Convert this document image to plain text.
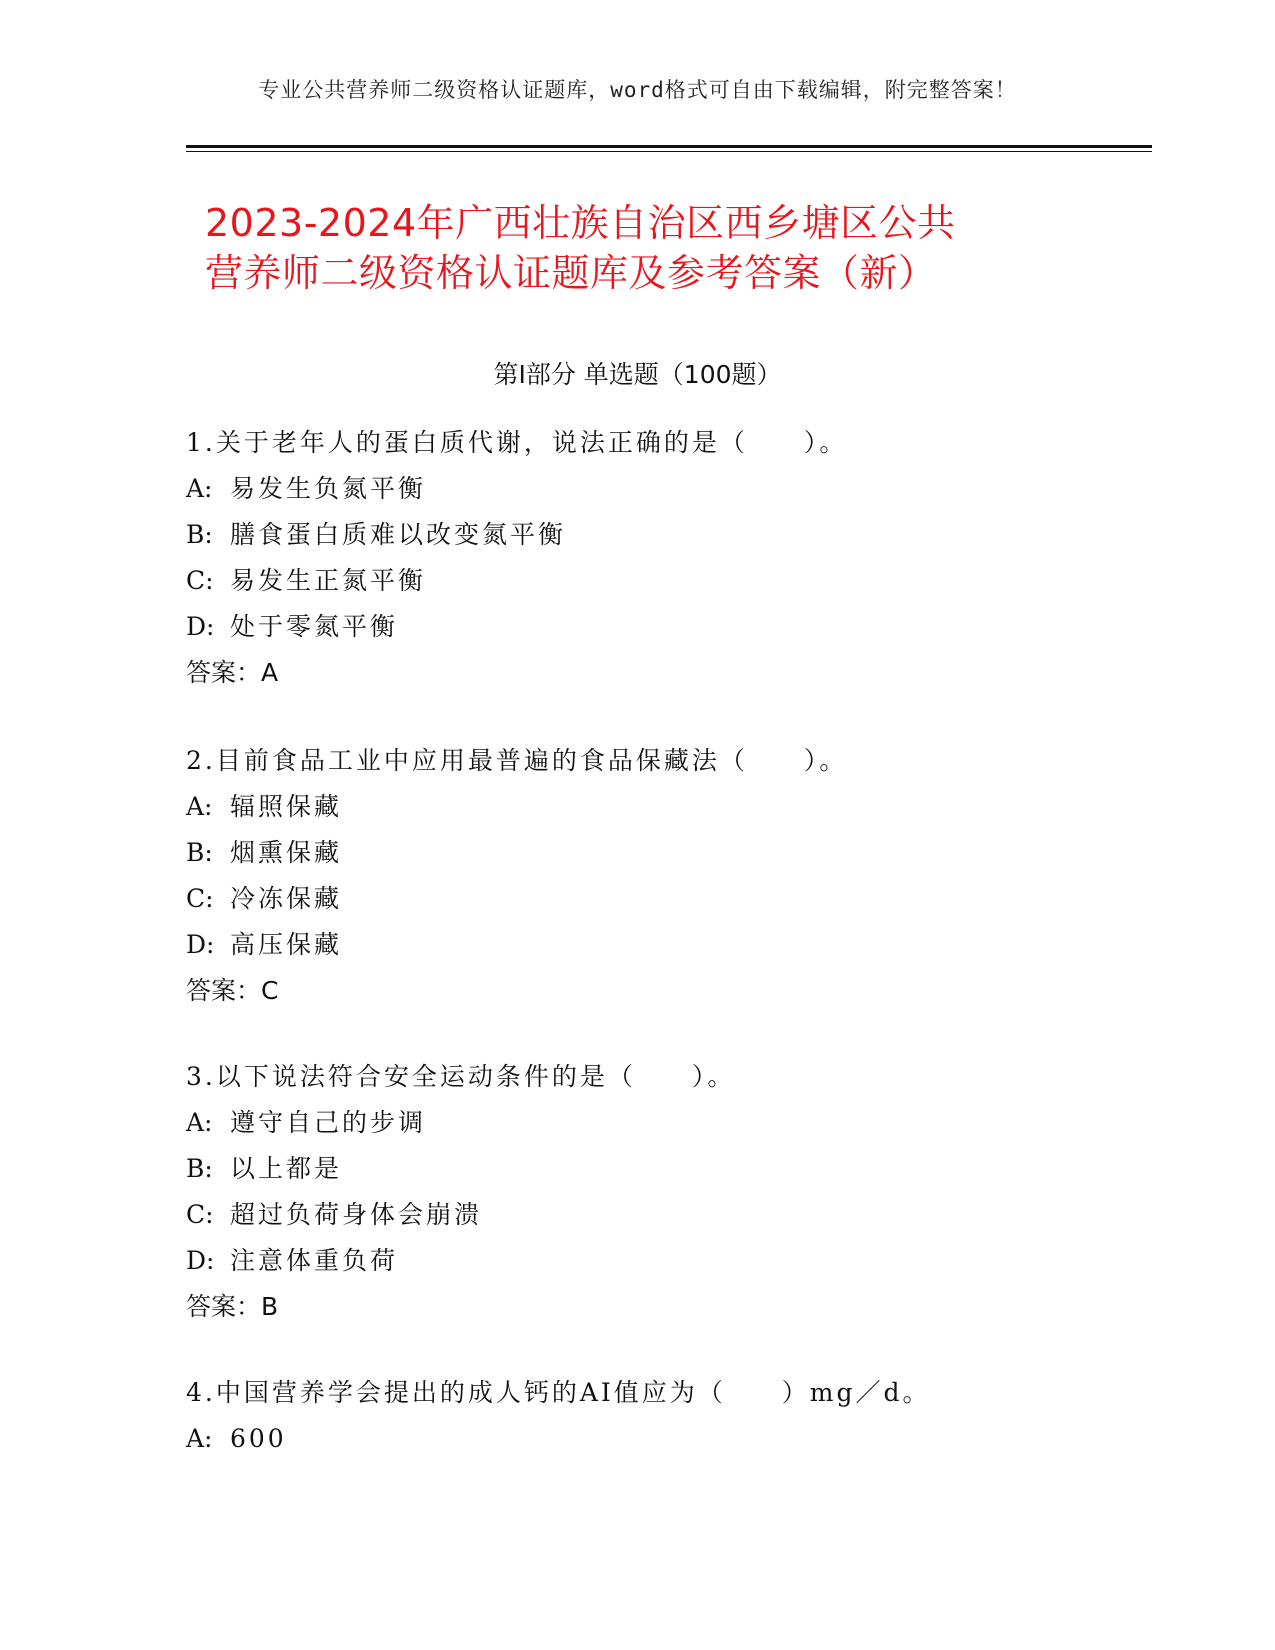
专业公共营养师二级资格认证题库，word格式可自由下载编辑，附完整答案！
2023-2024年广西壮族自治区西乡塘区公共
营养师二级资格认证题库及参考答案（新）
第Ⅰ部分 单选题（100题）
1.关于老年人的蛋白质代谢，说法正确的是（　　）。
A: 易发生负氮平衡
B: 膳食蛋白质难以改变氮平衡
C: 易发生正氮平衡
D: 处于零氮平衡
答案：A
2.目前食品工业中应用最普遍的食品保藏法（　　）。
A: 辐照保藏
B: 烟熏保藏
C: 冷冻保藏
D: 高压保藏
答案：C
3.以下说法符合安全运动条件的是（　　）。
A: 遵守自己的步调
B: 以上都是
C: 超过负荷身体会崩溃
D: 注意体重负荷
答案：B
4.中国营养学会提出的成人钙的AI值应为（　　）mg／d。
A: 600
